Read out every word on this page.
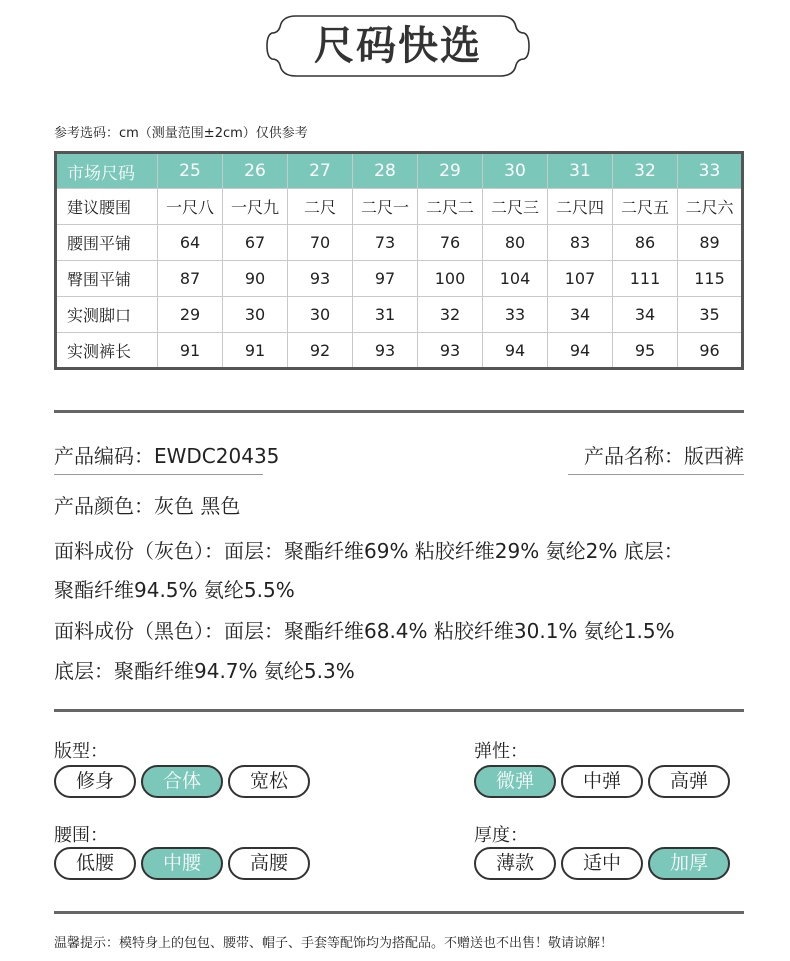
尺码快选
参考选码：cm（测量范围±2cm）仅供参考
市场尺码	25	26	27	28	29	30	31	32	33
建议腰围	一尺八	一尺九	二尺	二尺一	二尺二	二尺三	二尺四	二尺五	二尺六
腰围平铺	64	67	70	73	76	80	83	86	89
臀围平铺	87	90	93	97	100	104	107	111	115
实测脚口	29	30	30	31	32	33	34	34	35
实测裤长	91	91	92	93	93	94	94	95	96
产品编码：EWDC20435	产品名称：版西裤
产品颜色：灰色 黑色
面料成份（灰色）：面层：聚酯纤维69% 粘胶纤维29% 氨纶2% 底层：
聚酯纤维94.5% 氨纶5.5%
面料成份（黑色）：面层：聚酯纤维68.4% 粘胶纤维30.1% 氨纶1.5%
底层：聚酯纤维94.7% 氨纶5.3%
版型：
修身	合体	宽松
弹性：
微弹	中弹	高弹
腰围：
低腰	中腰	高腰
厚度：
薄款	适中	加厚
温馨提示：模特身上的包包、腰带、帽子、手套等配饰均为搭配品。不赠送也不出售！敬请谅解！
